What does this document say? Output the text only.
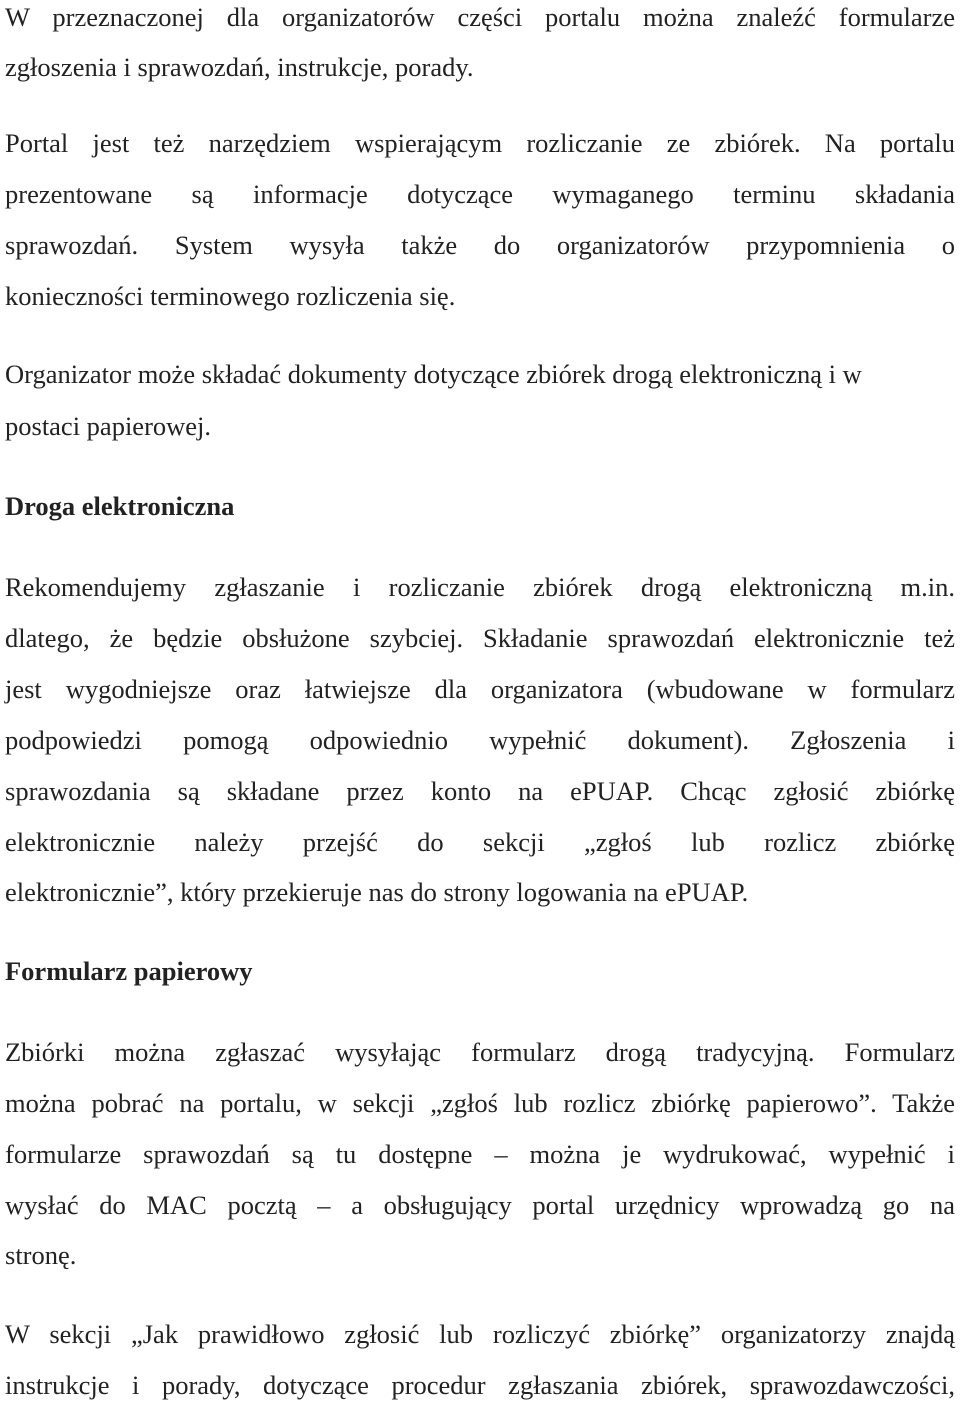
W przeznaczonej dla organizatorów części portalu można znaleźć formularze
zgłoszenia i sprawozdań, instrukcje, porady.
Portal jest też narzędziem wspierającym rozliczanie ze zbiórek. Na portalu
prezentowane są informacje dotyczące wymaganego terminu składania
sprawozdań. System wysyła także do organizatorów przypomnienia o
konieczności terminowego rozliczenia się.
Organizator może składać dokumenty dotyczące zbiórek drogą elektroniczną i w
postaci papierowej.
Droga elektroniczna
Rekomendujemy zgłaszanie i rozliczanie zbiórek drogą elektroniczną m.in.
dlatego, że będzie obsłużone szybciej. Składanie sprawozdań elektronicznie też
jest wygodniejsze oraz łatwiejsze dla organizatora (wbudowane w formularz
podpowiedzi pomogą odpowiednio wypełnić dokument). Zgłoszenia i
sprawozdania są składane przez konto na ePUAP. Chcąc zgłosić zbiórkę
elektronicznie należy przejść do sekcji „zgłoś lub rozlicz zbiórkę
elektronicznie”, który przekieruje nas do strony logowania na ePUAP.
Formularz papierowy
Zbiórki można zgłaszać wysyłając formularz drogą tradycyjną. Formularz
można pobrać na portalu, w sekcji „zgłoś lub rozlicz zbiórkę papierowo”. Także
formularze sprawozdań są tu dostępne – można je wydrukować, wypełnić i
wysłać do MAC pocztą – a obsługujący portal urzędnicy wprowadzą go na
stronę.
W sekcji „Jak prawidłowo zgłosić lub rozliczyć zbiórkę” organizatorzy znajdą
instrukcje i porady, dotyczące procedur zgłaszania zbiórek, sprawozdawczości,
